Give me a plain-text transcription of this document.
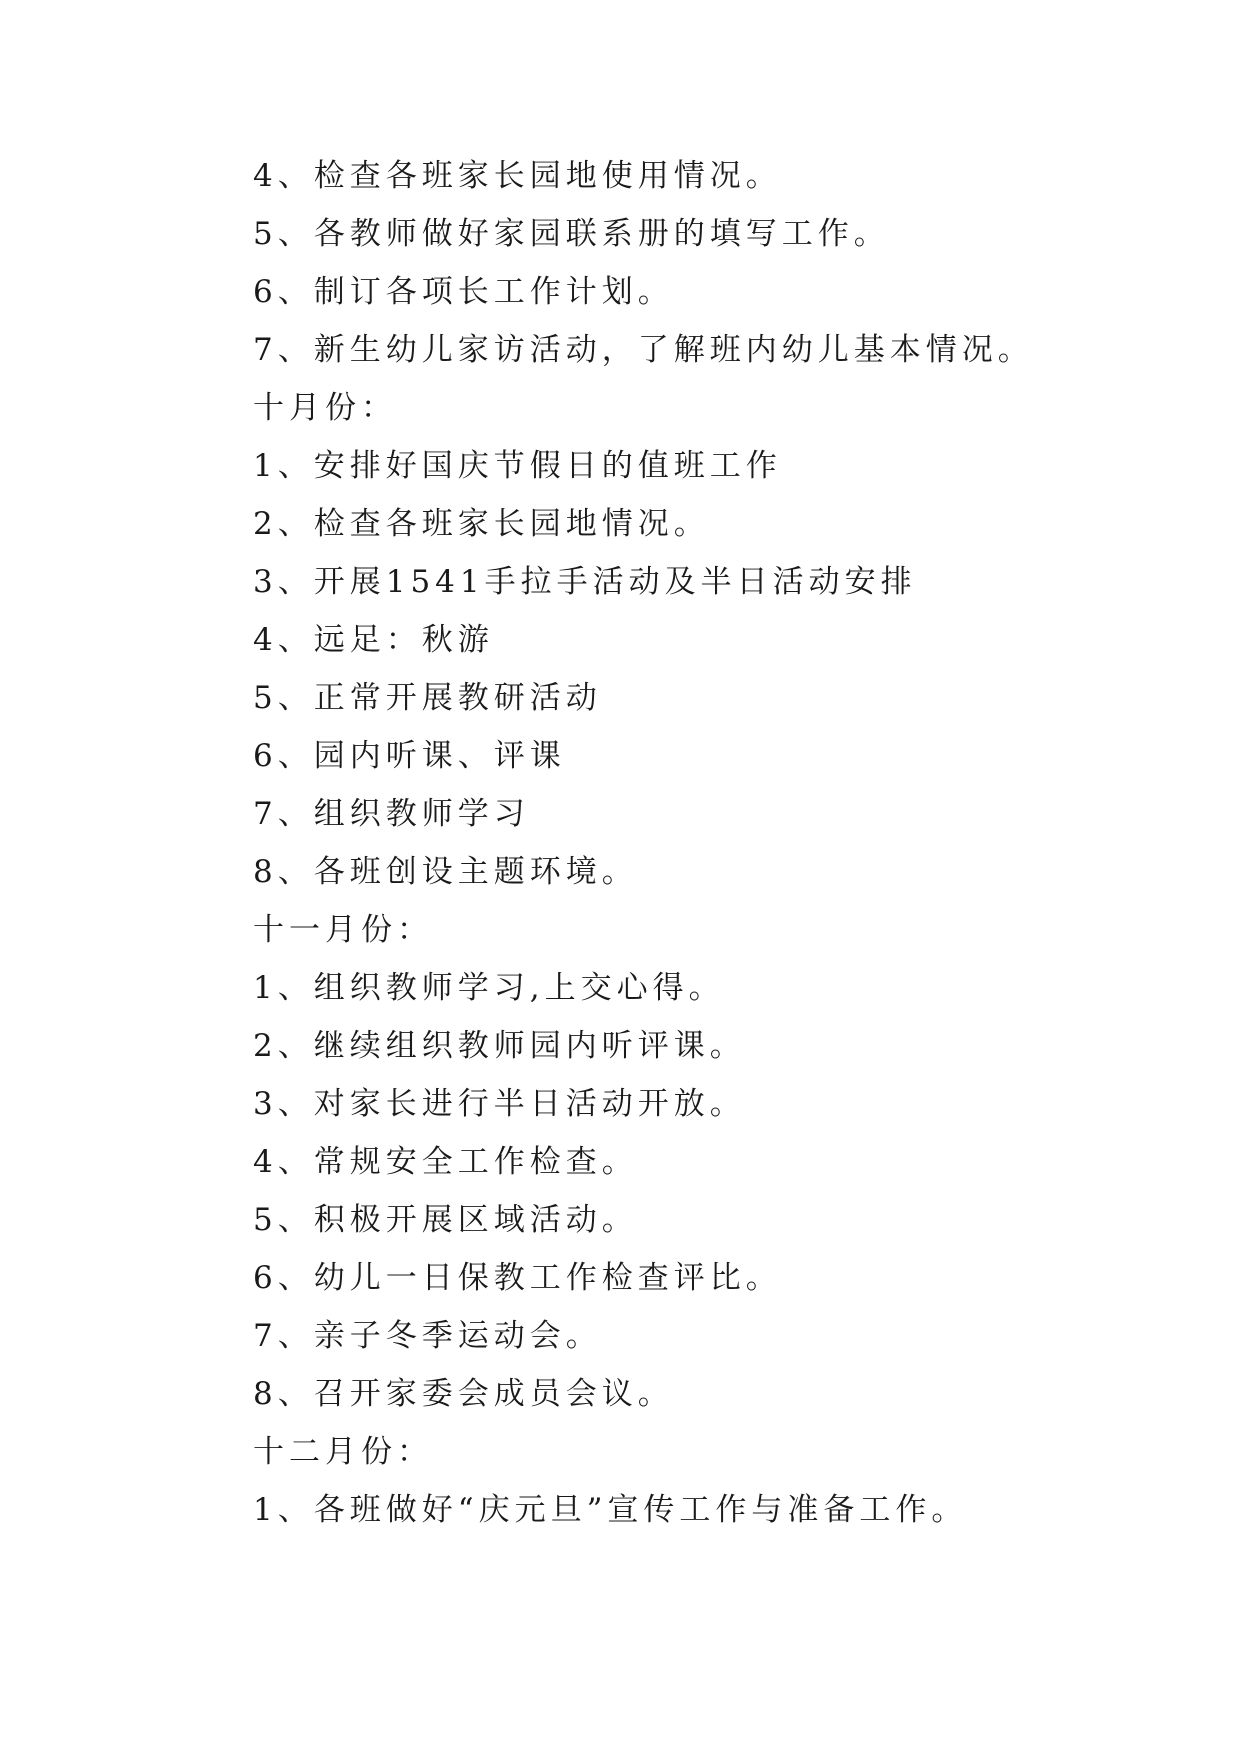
4、检查各班家长园地使用情况。
5、各教师做好家园联系册的填写工作。
6、制订各项长工作计划。
7、新生幼儿家访活动，了解班内幼儿基本情况。
十月份：
1、安排好国庆节假日的值班工作
2、检查各班家长园地情况。
3、开展1541手拉手活动及半日活动安排
4、远足：秋游
5、正常开展教研活动
6、园内听课、评课
7、组织教师学习
8、各班创设主题环境。
十一月份：
1、组织教师学习,上交心得。
2、继续组织教师园内听评课。
3、对家长进行半日活动开放。
4、常规安全工作检查。
5、积极开展区域活动。
6、幼儿一日保教工作检查评比。
7、亲子冬季运动会。
8、召开家委会成员会议。
十二月份：
1、各班做好“庆元旦”宣传工作与准备工作。
